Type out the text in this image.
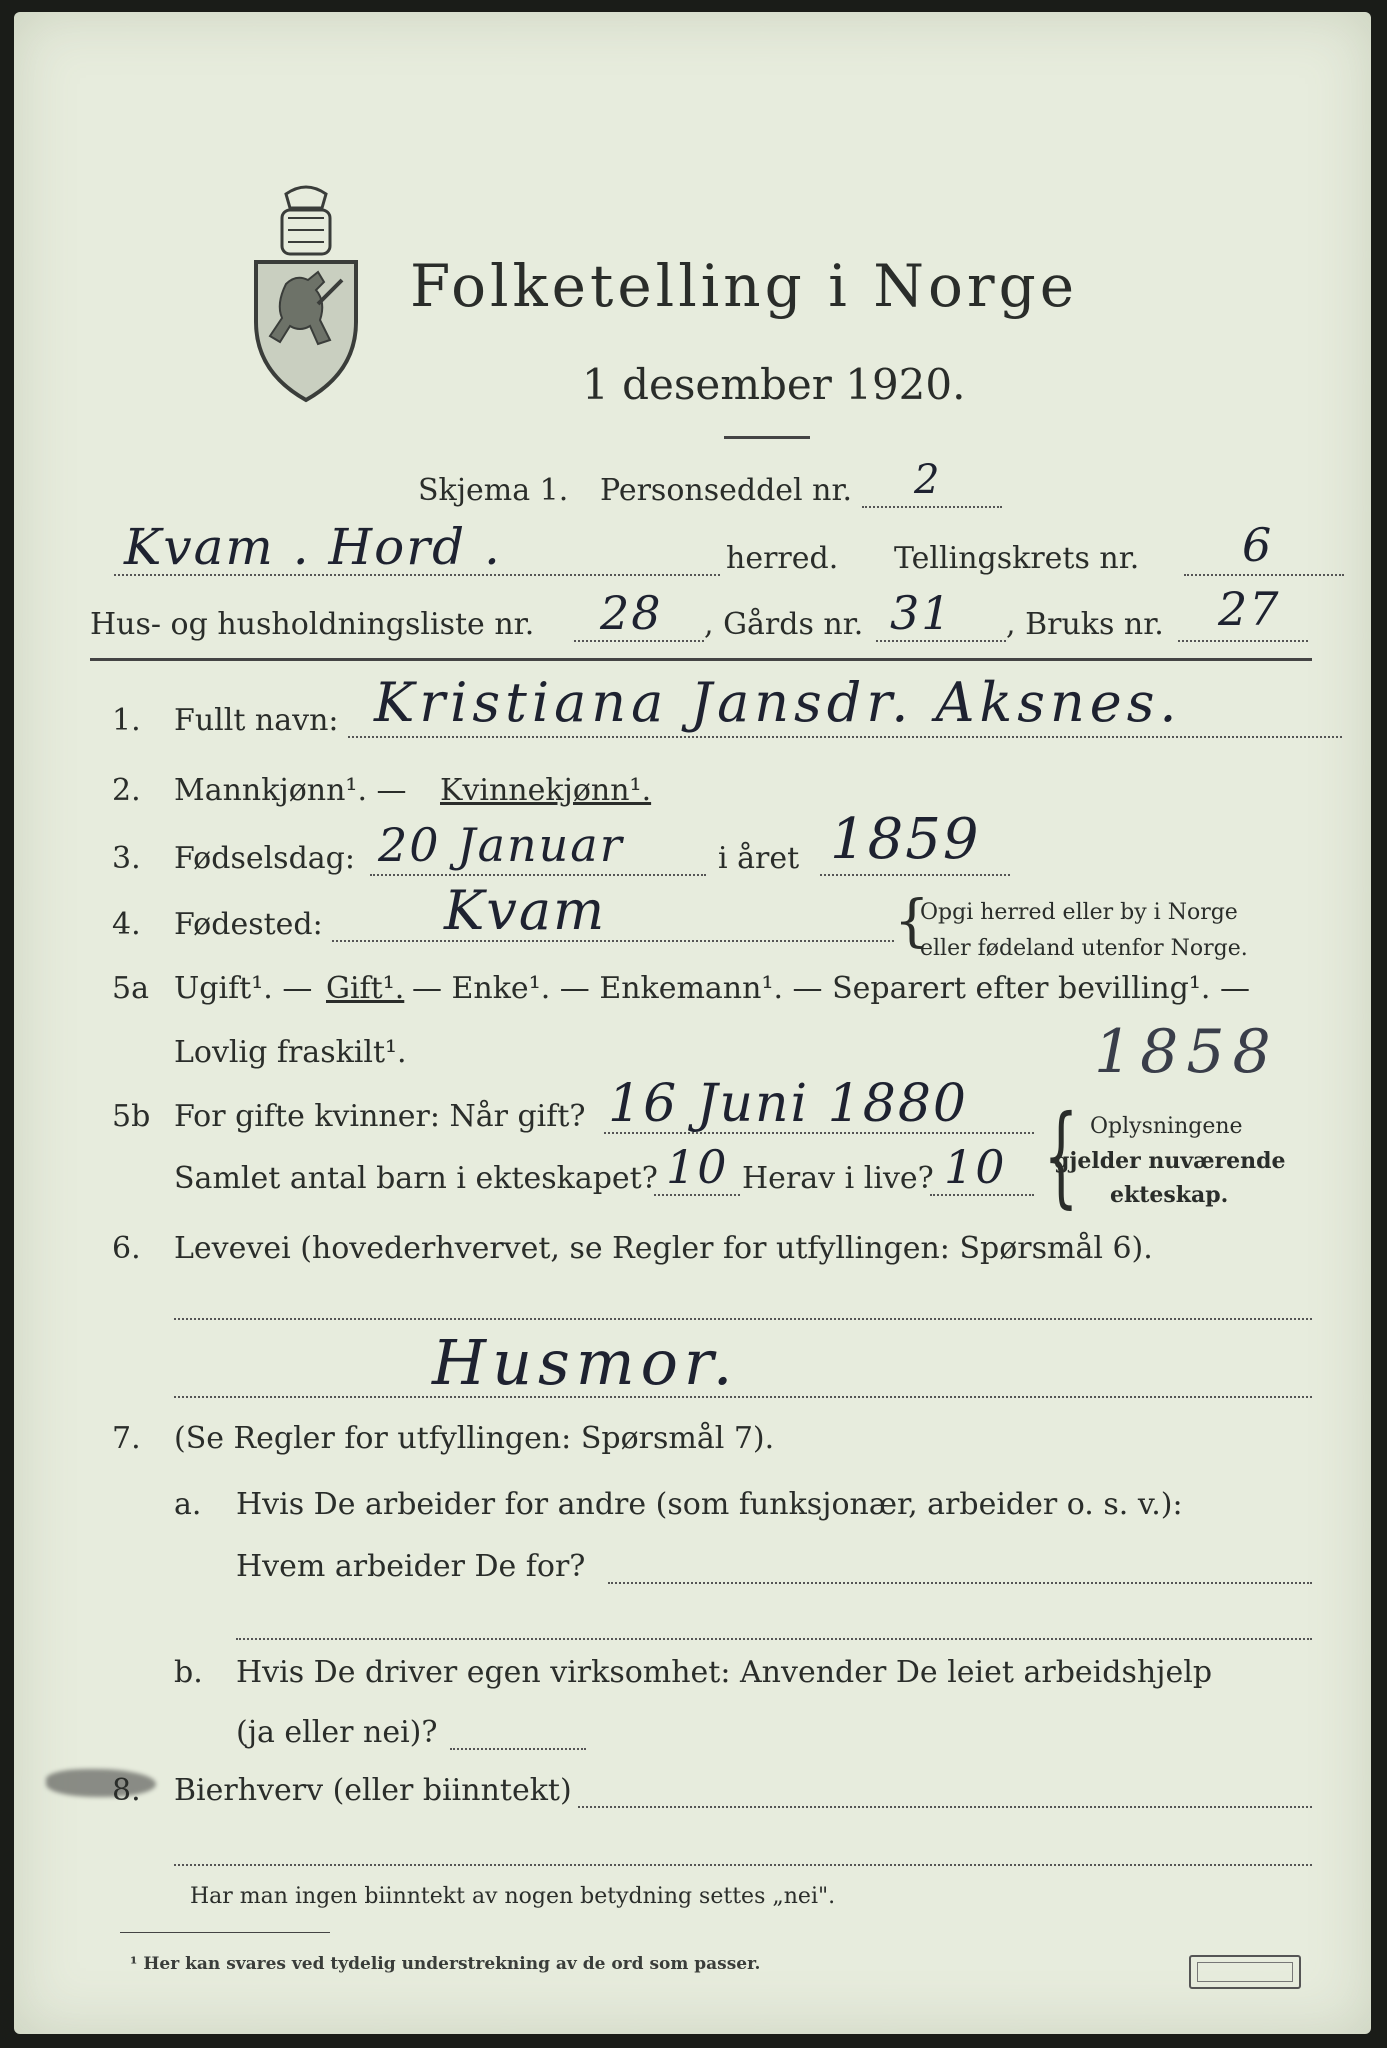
Folketelling i Norge
1 desember 1920.
Skjema 1. Personseddel nr. 2
Kvam . Hord .	herred. Tellingskrets nr. 6
Hus- og husholdningsliste nr. 28 , Gårds nr. 31 , Bruks nr. 27
1. Fullt navn: Kristiana Jansdr. Aksnes.
2. Mannkjønn¹. — Kvinnekjønn¹.
3. Fødselsdag: 20 Januar	i året 1859
4. Fødested: Kvam	{
Opgi herred eller by i Norge
eller fødeland utenfor Norge.
5a Ugift¹. — Gift¹. — Enke¹. — Enkemann¹. — Separert efter bevilling¹. —
Lovlig fraskilt¹.	1858
5b For gifte kvinner: Når gift? 16 Juni 1880
Samlet antal barn i ekteskapet? 10 Herav i live? 10 { Oplysningene
gjelder nuværende
ekteskap.
6. Levevei (hovederhvervet, se Regler for utfyllingen: Spørsmål 6).
Husmor.
7. (Se Regler for utfyllingen: Spørsmål 7).
a. Hvis De arbeider for andre (som funksjonær, arbeider o. s. v.):
Hvem arbeider De for?
b. Hvis De driver egen virksomhet: Anvender De leiet arbeidshjelp
(ja eller nei)?
8. Bierhverv (eller biinntekt)
Har man ingen biinntekt av nogen betydning settes „nei".
¹ Her kan svares ved tydelig understrekning av de ord som passer.
